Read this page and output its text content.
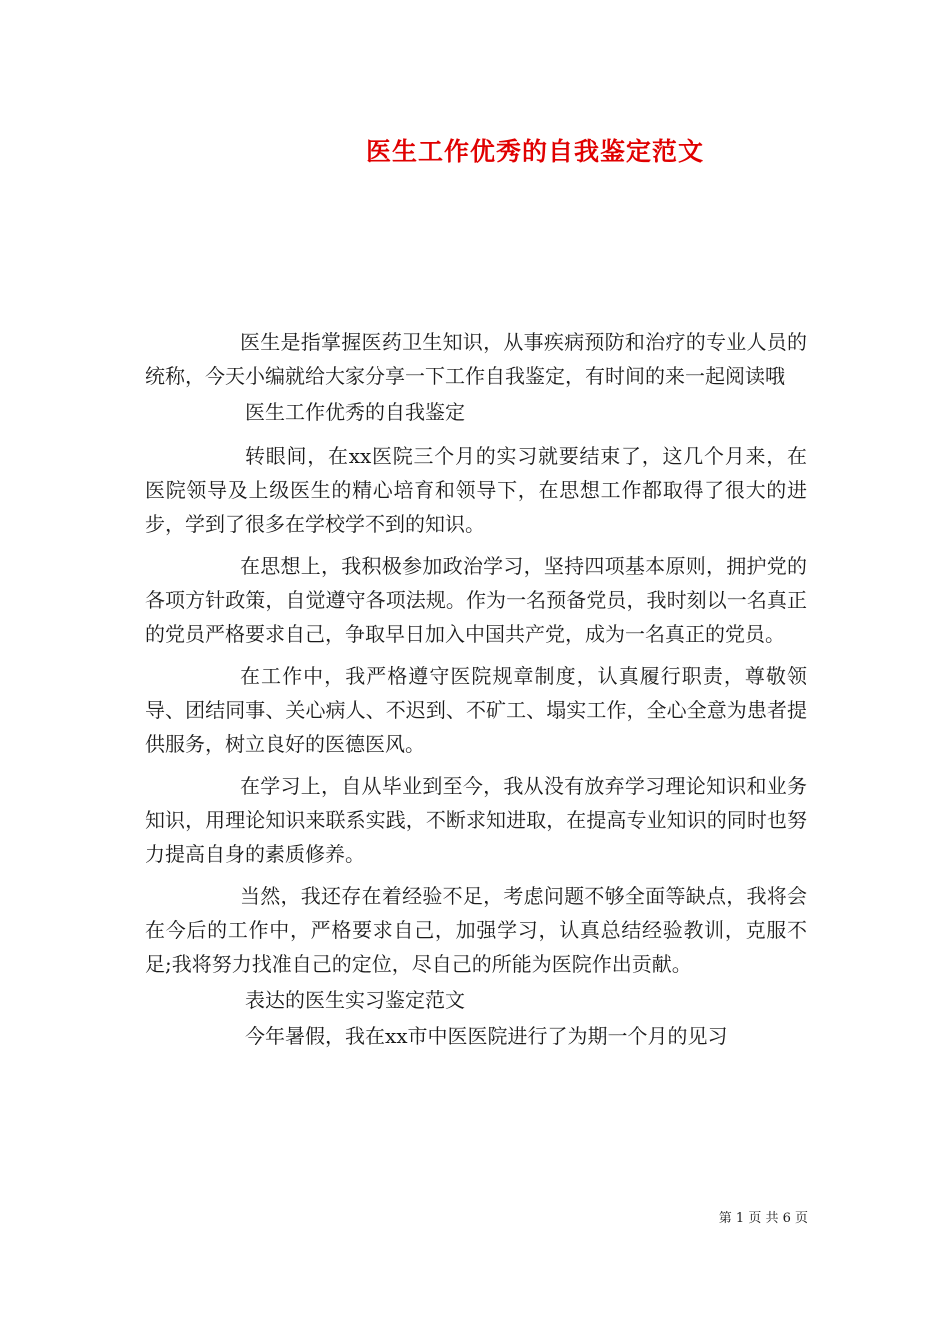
医生工作优秀的自我鉴定范文

医生是指掌握医药卫生知识，从事疾病预防和治疗的专业人员的统称，今天小编就给大家分享一下工作自我鉴定，有时间的来一起阅读哦

医生工作优秀的自我鉴定

转眼间，在xx医院三个月的实习就要结束了，这几个月来，在医院领导及上级医生的精心培育和领导下，在思想工作都取得了很大的进步，学到了很多在学校学不到的知识。

在思想上，我积极参加政治学习，坚持四项基本原则，拥护党的各项方针政策，自觉遵守各项法规。作为一名预备党员，我时刻以一名真正的党员严格要求自己，争取早日加入中国共产党，成为一名真正的党员。

在工作中，我严格遵守医院规章制度，认真履行职责，尊敬领导、团结同事、关心病人、不迟到、不矿工、塌实工作，全心全意为患者提供服务，树立良好的医德医风。

在学习上，自从毕业到至今，我从没有放弃学习理论知识和业务知识，用理论知识来联系实践，不断求知进取，在提高专业知识的同时也努力提高自身的素质修养。

当然，我还存在着经验不足，考虑问题不够全面等缺点，我将会在今后的工作中，严格要求自己，加强学习，认真总结经验教训，克服不足;我将努力找准自己的定位，尽自己的所能为医院作出贡献。

表达的医生实习鉴定范文

今年暑假，我在xx市中医医院进行了为期一个月的见习

第 1 页 共 6 页
